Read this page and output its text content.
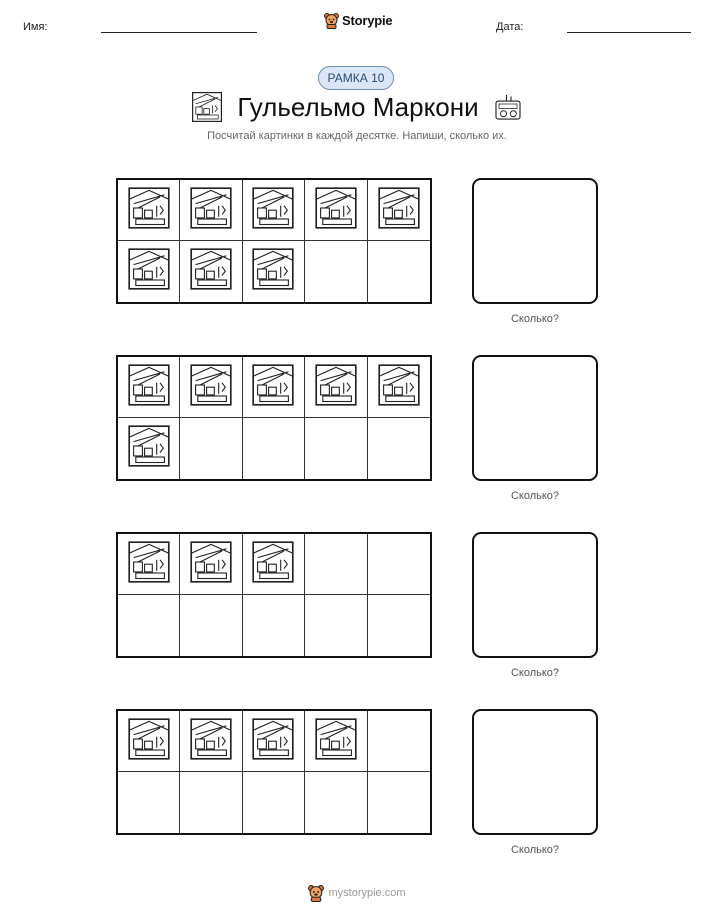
Имя:	Storypie	Дата:
РАМКА 10
Гульельмо Маркони
Посчитай картинки в каждой десятке. Напиши, сколько их.
Сколько?
Сколько?
Сколько?
Сколько?
mystorypie.com
